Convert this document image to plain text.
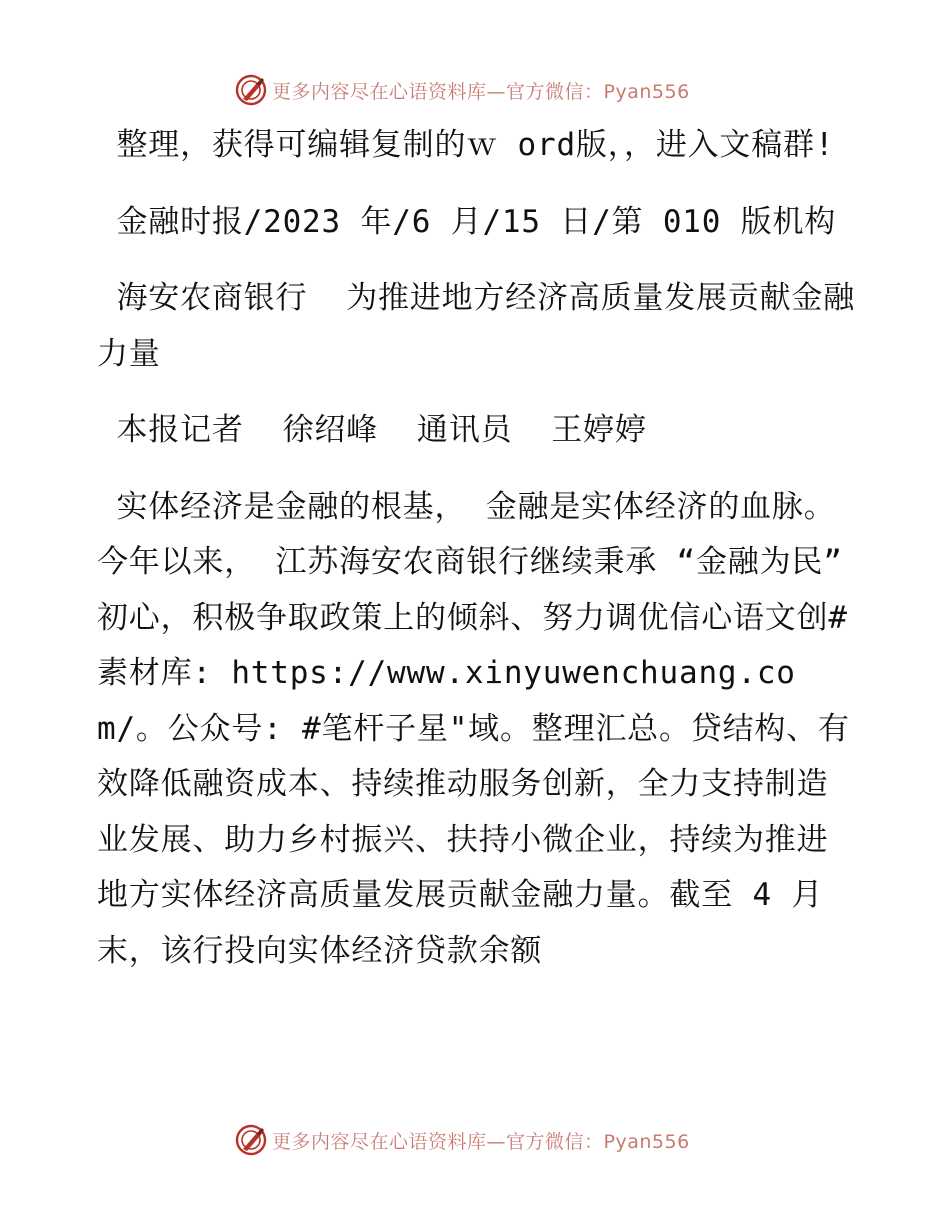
更多内容尽在心语资料库—官方微信：Pyan556

整理，获得可编辑复制的ｗ ord版，，进入文稿群!

金融时报/2023 年/6 月/15 日/第 010 版机构

海安农商银行  为推进地方经济高质量发展贡献金融力量

本报记者  徐绍峰  通讯员  王婷婷

实体经济是金融的根基， 金融是实体经济的血脉。 今年以来， 江苏海安农商银行继续秉承 “金融为民” 初心，积极争取政策上的倾斜、努力调优信心语文创#素材库: https://www.xinyuwenchuang.com/。公众号: #笔杆子星"域。整理汇总。贷结构、有效降低融资成本、持续推动服务创新，全力支持制造业发展、助力乡村振兴、扶持小微企业，持续为推进地方实体经济高质量发展贡献金融力量。截至 4 月末，该行投向实体经济贷款余额

更多内容尽在心语资料库—官方微信：Pyan556
